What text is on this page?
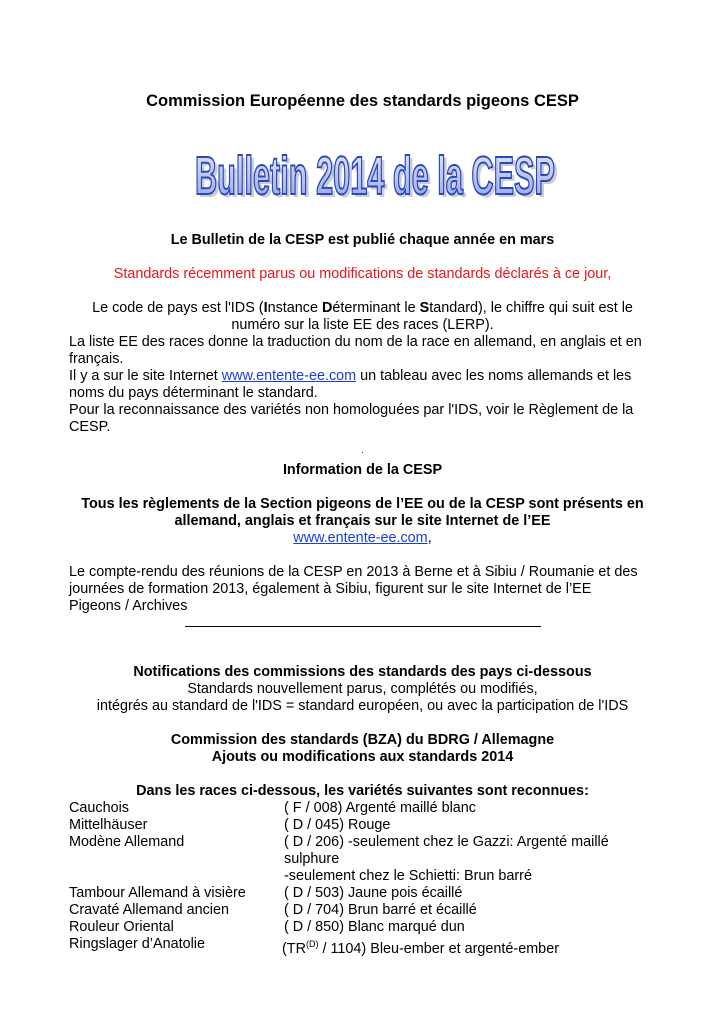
Commission Européenne des standards pigeons CESP
Bulletin 2014 de la CESP
Bulletin 2014 de la CESP
Le Bulletin de la CESP est publié chaque année en mars
Standards récemment parus ou modifications de standards déclarés à ce jour,
Le code de pays est l'IDS (Instance Déterminant le Standard), le chiffre qui suit est le
numéro sur la liste EE des races (LERP).
La liste EE des races donne la traduction du nom de la race en allemand, en anglais et en
français.
Il y a sur le site Internet www.entente-ee.com un tableau avec les noms allemands et les
noms du pays déterminant le standard.
Pour la reconnaissance des variétés non homologuées par l'IDS, voir le Règlement de la
CESP.
.
Information de la CESP
Tous les règlements de la Section pigeons de l’EE ou de la CESP sont présents en
allemand, anglais et français sur le site Internet de l’EE
www.entente-ee.com,
Le compte-rendu des réunions de la CESP en 2013 à Berne et à Sibiu / Roumanie et des
journées de formation 2013, également à Sibiu, figurent sur le site Internet de l’EE
Pigeons / Archives
Notifications des commissions des standards des pays ci-dessous
Standards nouvellement parus, complétés ou modifiés,
intégrés au standard de l'IDS = standard européen, ou avec la participation de l'IDS
Commission des standards (BZA) du BDRG / Allemagne
Ajouts ou modifications aux standards 2014
Dans les races ci-dessous, les variétés suivantes sont reconnues:
Cauchois	( F / 008) Argenté maillé blanc
Mittelhäuser	( D / 045) Rouge
Modène Allemand	( D / 206) -seulement chez le Gazzi: Argenté maillé
sulphure
-seulement chez le Schietti: Brun barré
Tambour Allemand à visière	( D / 503) Jaune pois écaillé
Cravaté Allemand ancien	( D / 704) Brun barré et écaillé
Rouleur Oriental	( D / 850) Blanc marqué dun
Ringslager d’Anatolie	$(TR^{(D)} / 1104)$ Bleu-ember et argenté-ember
